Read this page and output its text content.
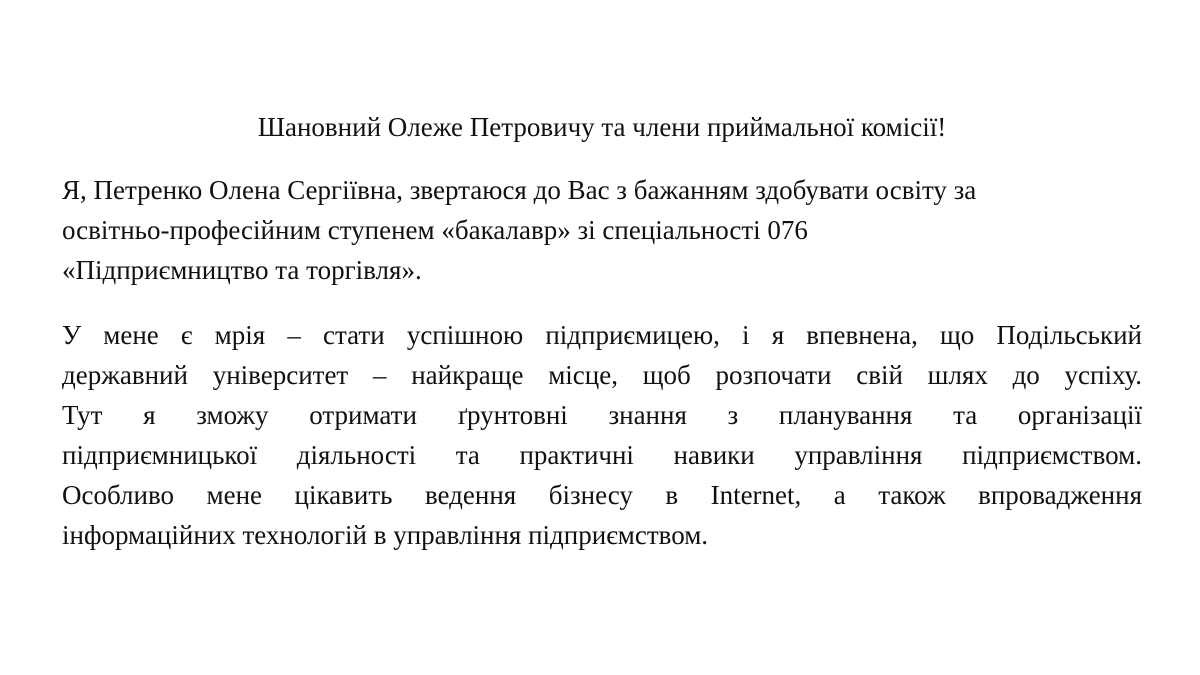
Шановний Олеже Петровичу та члени приймальної комісії!

Я, Петренко Олена Сергіївна, звертаюся до Вас з бажанням здобувати освіту за
освітньо-професійним ступенем «бакалавр» зі спеціальності 076
«Підприємництво та торгівля».

У мене є мрія – стати успішною підприємицею, і я впевнена, що Подільський
державний університет – найкраще місце, щоб розпочати свій шлях до успіху.
Тут я зможу отримати ґрунтовні знання з планування та організації
підприємницької діяльності та практичні навики управління підприємством.
Особливо мене цікавить ведення бізнесу в Internet, а також впровадження
інформаційних технологій в управління підприємством.
